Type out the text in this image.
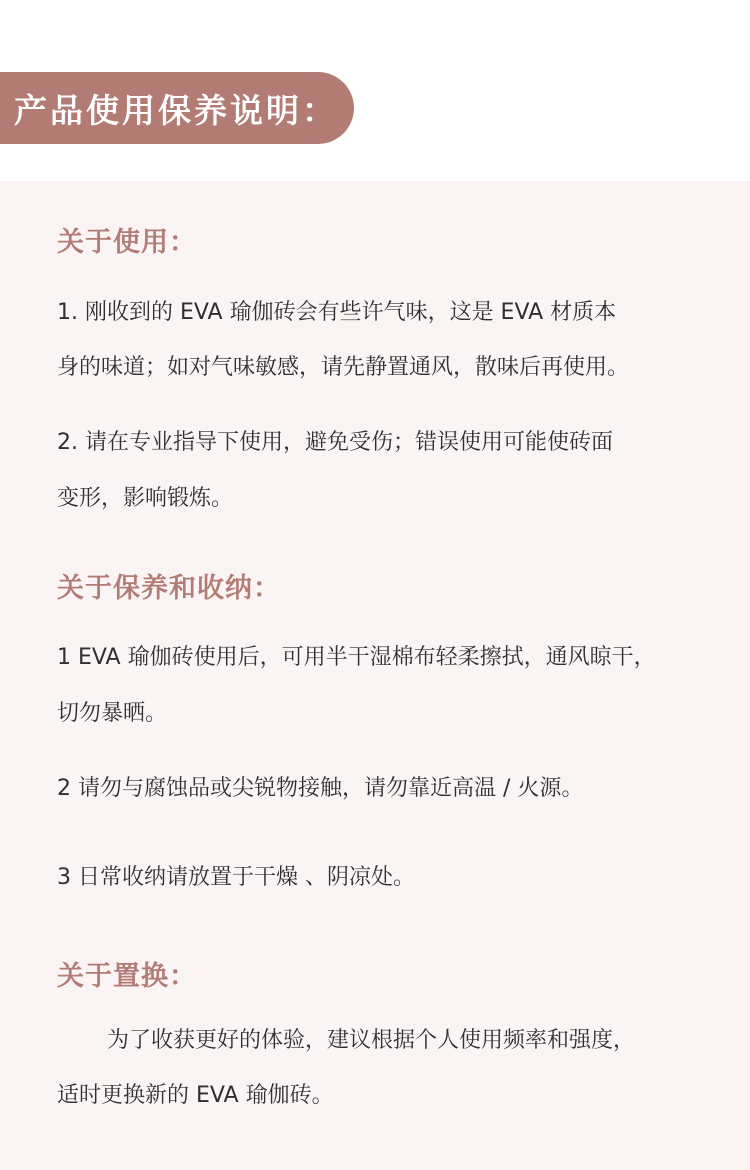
产品使用保养说明：
关于使用：
1. 刚收到的 EVA 瑜伽砖会有些许气味，这是 EVA 材质本
身的味道；如对气味敏感，请先静置通风，散味后再使用。
2. 请在专业指导下使用，避免受伤；错误使用可能使砖面
变形，影响锻炼。
关于保养和收纳：
1 EVA 瑜伽砖使用后，可用半干湿棉布轻柔擦拭，通风晾干，
切勿暴晒。
2 请勿与腐蚀品或尖锐物接触，请勿靠近高温 / 火源。
3 日常收纳请放置于干燥 、阴凉处。
关于置换：
为了收获更好的体验，建议根据个人使用频率和强度，
适时更换新的 EVA 瑜伽砖。
